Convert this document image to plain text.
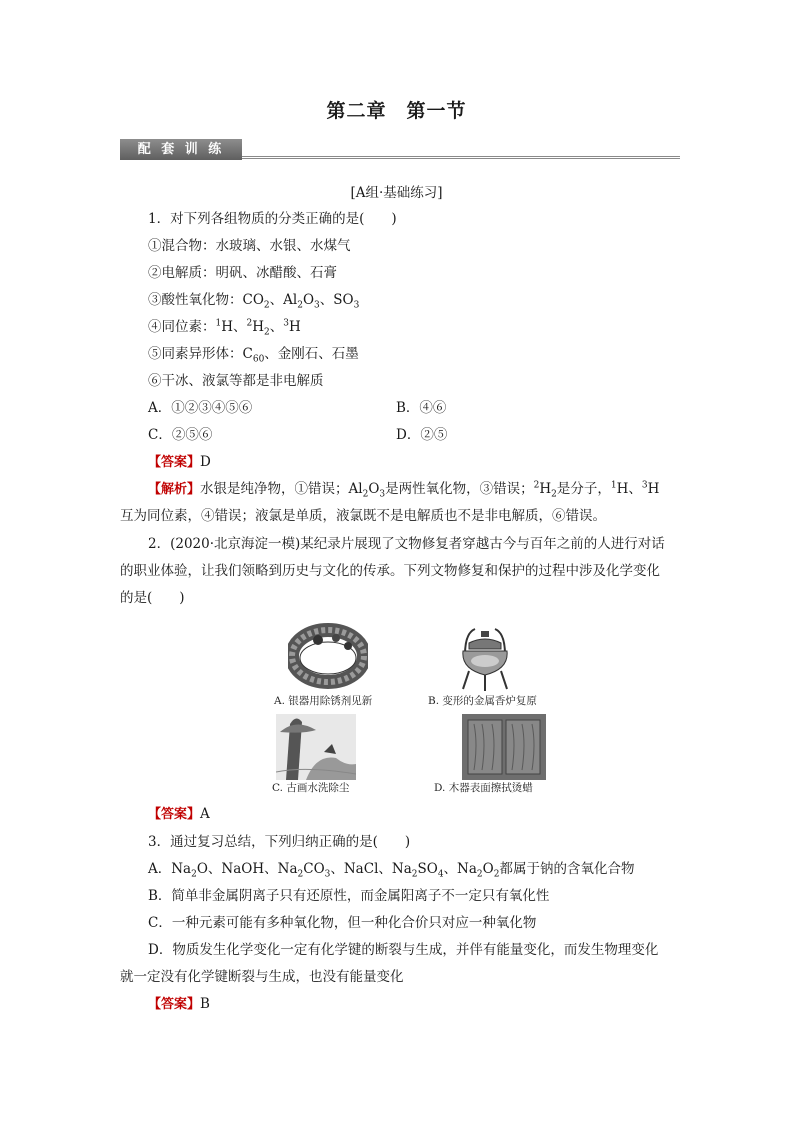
第二章　第一节
配 套 训 练
[A组·基础练习]
1．对下列各组物质的分类正确的是(　　)
①混合物：水玻璃、水银、水煤气
②电解质：明矾、冰醋酸、石膏
③酸性氧化物：$CO_2$、$Al_2O_3$、$SO_3$
④同位素：$^1$H、$^2H_2$、$^3$H
⑤同素异形体：$C_{60}$、金刚石、石墨
⑥干冰、液氯等都是非电解质
A．①②③④⑤⑥	B．④⑥
C．②⑤⑥	D．②⑤
【答案】D
【解析】水银是纯净物，①错误；$Al_2O_3$是两性氧化物，③错误；$^2H_2$是分子，$^1$H、$^3$H
互为同位素，④错误；液氯是单质，液氯既不是电解质也不是非电解质，⑥错误。
2．(2020·北京海淀一模)某纪录片展现了文物修复者穿越古今与百年之前的人进行对话
的职业体验，让我们领略到历史与文化的传承。下列文物修复和保护的过程中涉及化学变化
的是(　　)
A. 银器用除锈剂见新	B. 变形的金属香炉复原
C. 古画水洗除尘	D. 木器表面擦拭烫蜡
【答案】A
3．通过复习总结，下列归纳正确的是(　　)
A．$Na_2O$、NaOH、$Na_2CO_3$、NaCl、$Na_2SO_4$、$Na_2O_2$都属于钠的含氧化合物
B．简单非金属阴离子只有还原性，而金属阳离子不一定只有氧化性
C．一种元素可能有多种氧化物，但一种化合价只对应一种氧化物
D．物质发生化学变化一定有化学键的断裂与生成，并伴有能量变化，而发生物理变化
就一定没有化学键断裂与生成，也没有能量变化
【答案】B
